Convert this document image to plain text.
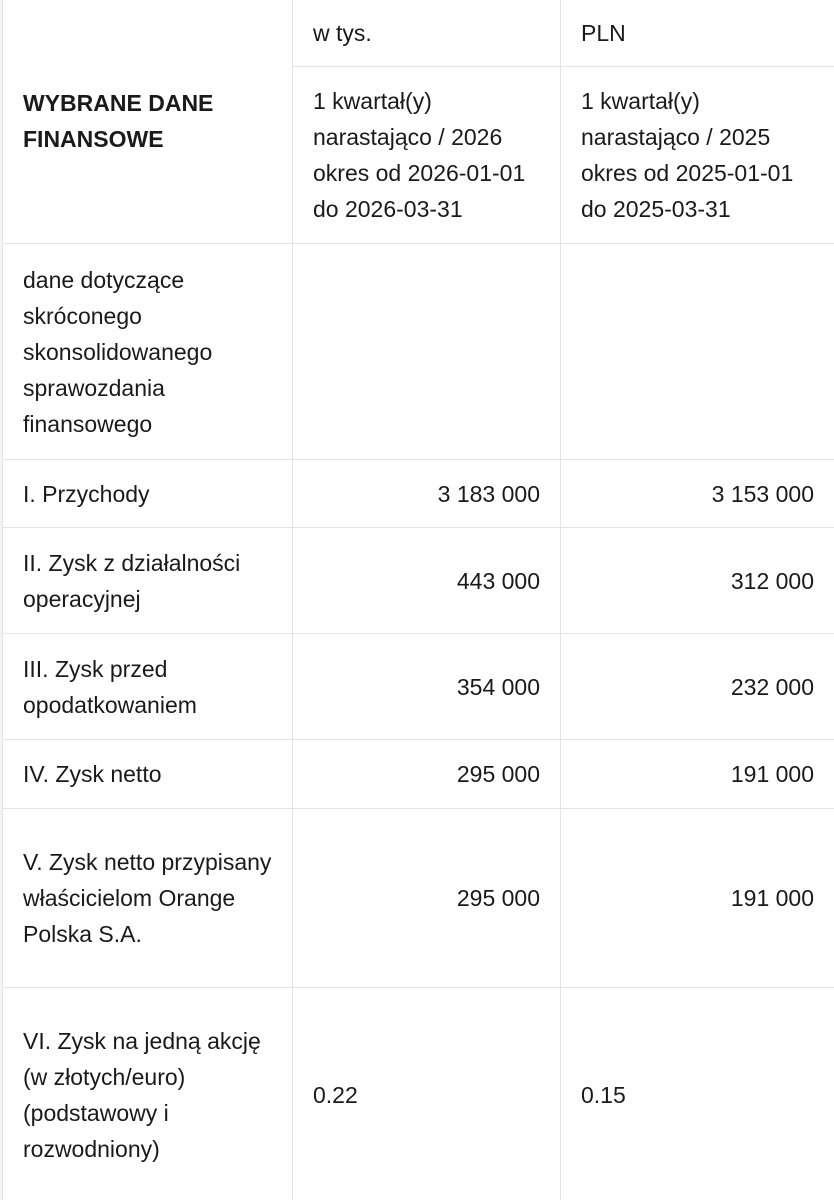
WYBRANE DANE FINANSOWE	w tys.	PLN
	1 kwartał(y) narastająco / 2026 okres od 2026-01-01 do 2026-03-31	1 kwartał(y) narastająco / 2025 okres od 2025-01-01 do 2025-03-31
dane dotyczące skróconego skonsolidowanego sprawozdania finansowego		
I. Przychody	3 183 000	3 153 000
II. Zysk z działalności operacyjnej	443 000	312 000
III. Zysk przed opodatkowaniem	354 000	232 000
IV. Zysk netto	295 000	191 000
V. Zysk netto przypisany właścicielom Orange Polska S.A.	295 000	191 000
VI. Zysk na jedną akcję (w złotych/euro) (podstawowy i rozwodniony)	0.22	0.15
